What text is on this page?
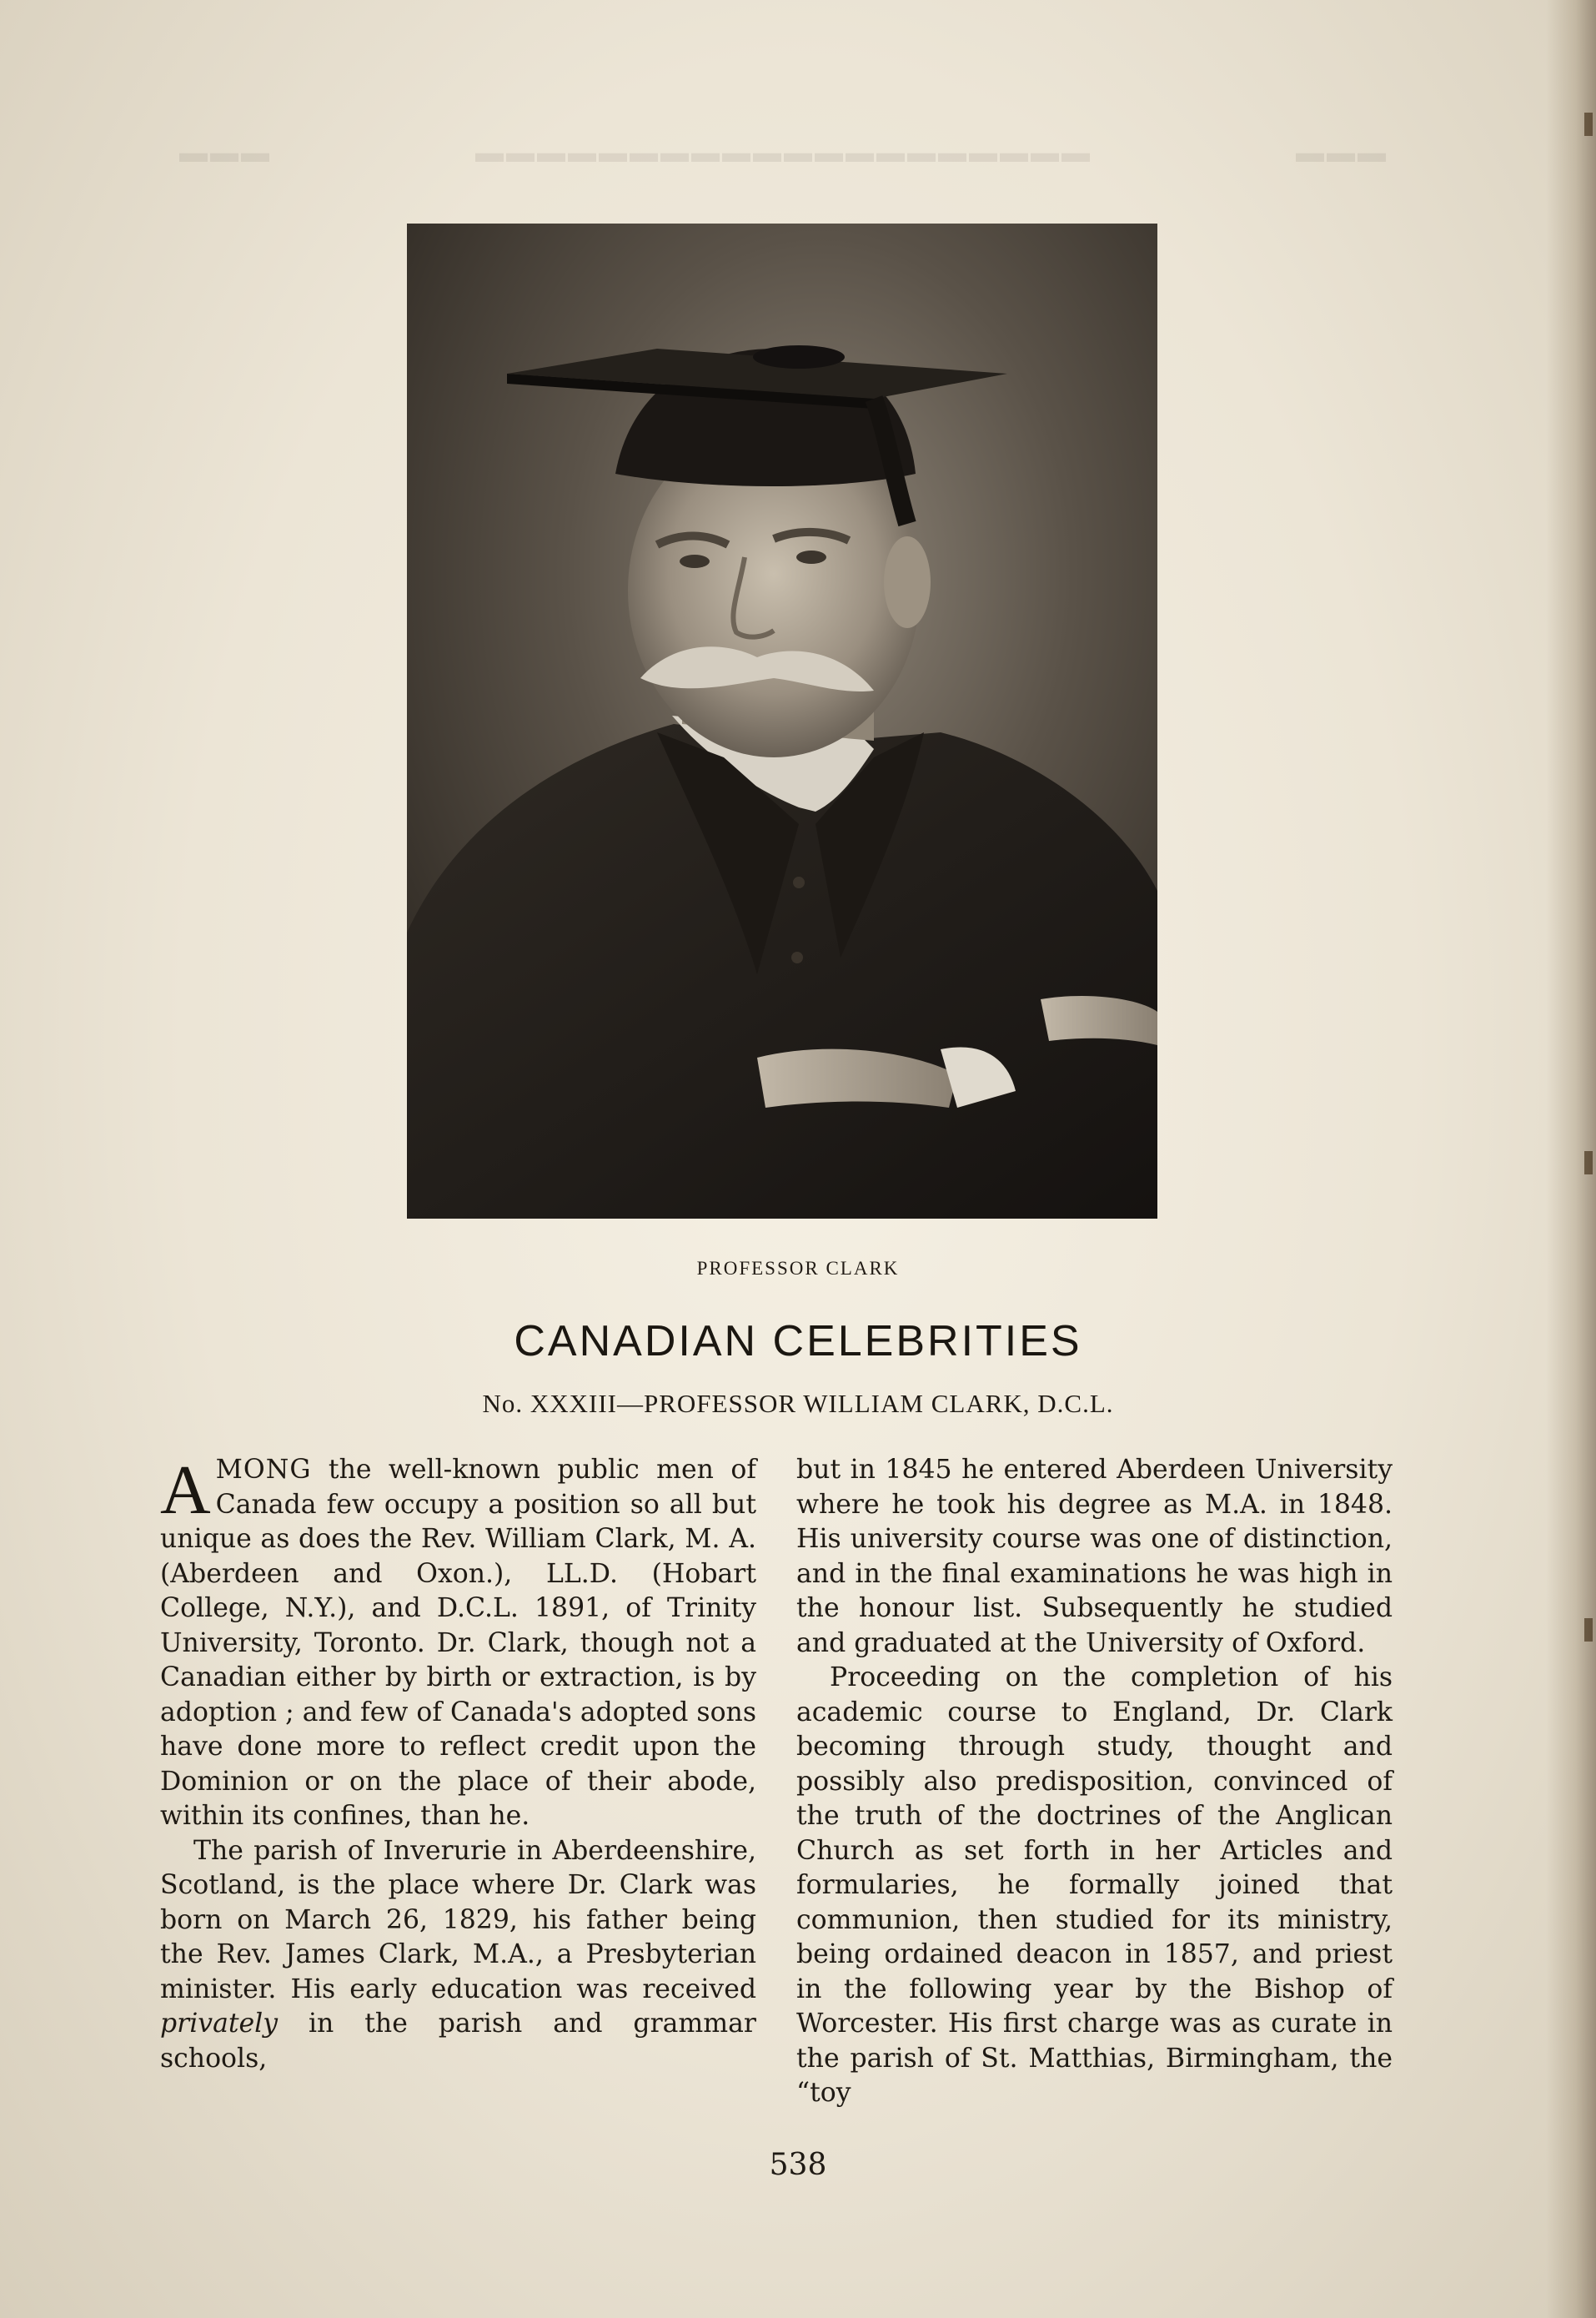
▬▬▬	▬▬▬▬▬▬▬▬▬▬▬▬▬▬▬▬▬▬▬▬	▬▬▬
PROFESSOR CLARK
CANADIAN CELEBRITIES
No. XXXIII—PROFESSOR WILLIAM CLARK, D.C.L.

AMONG the well-known public men of Canada few occupy a position so all but unique as does the Rev. William Clark, M. A. (Aberdeen and Oxon.), LL.D. (Hobart College, N.Y.), and D.C.L. 1891, of Trinity University, Toronto. Dr. Clark, though not a Canadian either by birth or extraction, is by adoption ; and few of Canada's adopted sons have done more to reflect credit upon the Dominion or on the place of their abode, within its confines, than he.

The parish of Inverurie in Aberdeenshire, Scotland, is the place where Dr. Clark was born on March 26, 1829, his father being the Rev. James Clark, M.A., a Presbyterian minister. His early education was received privately in the parish and grammar schools,

but in 1845 he entered Aberdeen University where he took his degree as M.A. in 1848. His university course was one of distinction, and in the final examinations he was high in the honour list. Subsequently he studied and graduated at the University of Oxford.

Proceeding on the completion of his academic course to England, Dr. Clark becoming through study, thought and possibly also predisposition, convinced of the truth of the doctrines of the Anglican Church as set forth in her Articles and formularies, he formally joined that communion, then studied for its ministry, being ordained deacon in 1857, and priest in the following year by the Bishop of Worcester. His first charge was as curate in the parish of St. Matthias, Birmingham, the “toy

538
